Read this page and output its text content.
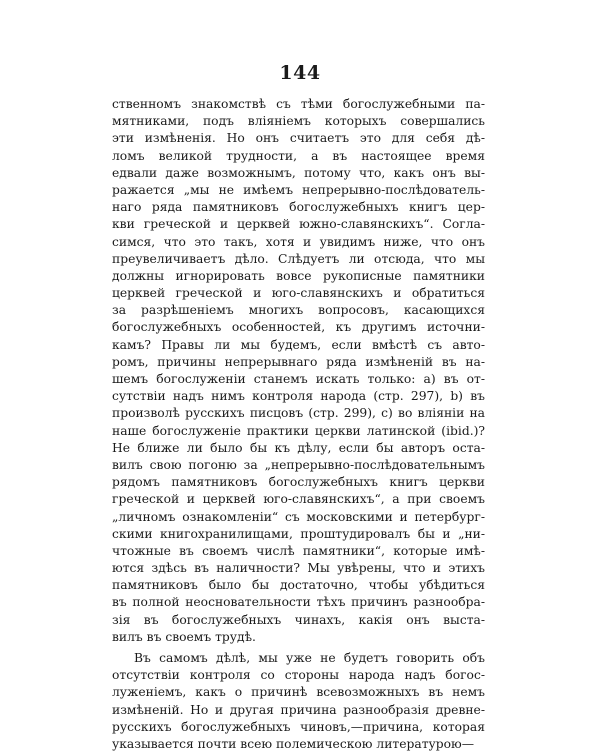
144
ственномъ знакомствѣ съ тѣми богослужебными па-
мятниками, подъ вліяніемъ которыхъ совершались
эти измѣненія. Но онъ считаетъ это для себя дѣ-
ломъ великой трудности, а въ настоящее время
едвали даже возможнымъ, потому что, какъ онъ вы-
ражается „мы не имѣемъ непрерывно-послѣдователь-
наго ряда памятниковъ богослужебныхъ книгъ цер-
кви греческой и церквей южно-славянскихъ“. Согла-
симся, что это такъ, хотя и увидимъ ниже, что онъ
преувеличиваетъ дѣло. Слѣдуетъ ли отсюда, что мы
должны игнорировать вовсе рукописные памятники
церквей греческой и юго-славянскихъ и обратиться
за разрѣшеніемъ многихъ вопросовъ, касающихся
богослужебныхъ особенностей, къ другимъ источни-
камъ? Правы ли мы будемъ, если вмѣстѣ съ авто-
ромъ, причины непрерывнаго ряда измѣненій въ на-
шемъ богослуженіи станемъ искать только: a) въ от-
сутствіи надъ нимъ контроля народа (стр. 297), b) въ
произволѣ русскихъ писцовъ (стр. 299), c) во вліяніи на
наше богослуженіе практики церкви латинской (ibid.)?
Не ближе ли было бы къ дѣлу, если бы авторъ оста-
вилъ свою погоню за „непрерывно-послѣдовательнымъ
рядомъ памятниковъ богослужебныхъ книгъ церкви
греческой и церквей юго-славянскихъ“, а при своемъ
„личномъ ознакомленіи“ съ московскими и петербург-
скими книгохранилищами, проштудировалъ бы и „ни-
чтожные въ своемъ числѣ памятники“, которые имѣ-
ются здѣсь въ наличности? Мы увѣрены, что и этихъ
памятниковъ было бы достаточно, чтобы убѣдиться
въ полной неосновательности тѣхъ причинъ разнообра-
зія въ богослужебныхъ чинахъ, какія онъ выста-
вилъ въ своемъ трудѣ.
Въ самомъ дѣлѣ, мы уже не будетъ говорить объ
отсутствіи контроля со стороны народа надъ богос-
луженіемъ, какъ о причинѣ всевозможныхъ въ немъ
измѣненій. Но и другая причина разнообразія древне-
русскихъ богослужебныхъ чиновъ,—причина, которая
указывается почти всею полемическою литературою—
